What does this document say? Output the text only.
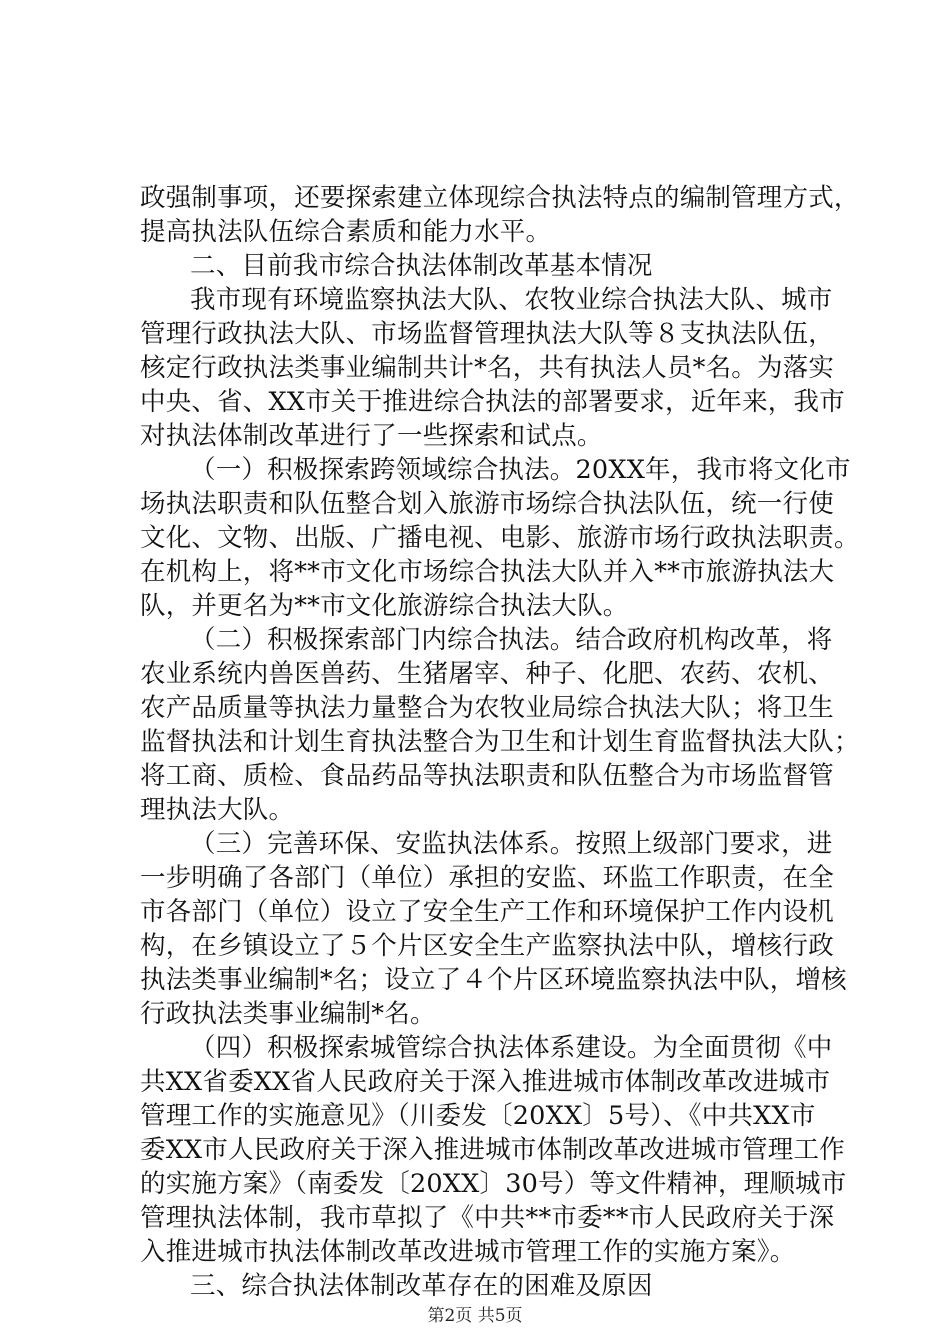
政强制事项，还要探索建立体现综合执法特点的编制管理方式，
提高执法队伍综合素质和能力水平。
二、目前我市综合执法体制改革基本情况
我市现有环境监察执法大队、农牧业综合执法大队、城市
管理行政执法大队、市场监督管理执法大队等８支执法队伍，
核定行政执法类事业编制共计*名，共有执法人员*名。为落实
中央、省、XX市关于推进综合执法的部署要求，近年来，我市
对执法体制改革进行了一些探索和试点。
（一）积极探索跨领域综合执法。20XX年，我市将文化市
场执法职责和队伍整合划入旅游市场综合执法队伍，统一行使
文化、文物、出版、广播电视、电影、旅游市场行政执法职责。
在机构上，将**市文化市场综合执法大队并入**市旅游执法大
队，并更名为**市文化旅游综合执法大队。
（二）积极探索部门内综合执法。结合政府机构改革，将
农业系统内兽医兽药、生猪屠宰、种子、化肥、农药、农机、
农产品质量等执法力量整合为农牧业局综合执法大队；将卫生
监督执法和计划生育执法整合为卫生和计划生育监督执法大队；
将工商、质检、食品药品等执法职责和队伍整合为市场监督管
理执法大队。
（三）完善环保、安监执法体系。按照上级部门要求，进
一步明确了各部门（单位）承担的安监、环监工作职责，在全
市各部门（单位）设立了安全生产工作和环境保护工作内设机
构，在乡镇设立了５个片区安全生产监察执法中队，增核行政
执法类事业编制*名；设立了４个片区环境监察执法中队，增核
行政执法类事业编制*名。
（四）积极探索城管综合执法体系建设。为全面贯彻《中
共XX省委XX省人民政府关于深入推进城市体制改革改进城市
管理工作的实施意见》（川委发〔20XX〕5号）、《中共XX市
委XX市人民政府关于深入推进城市体制改革改进城市管理工作
的实施方案》（南委发〔20XX〕30号）等文件精神，理顺城市
管理执法体制，我市草拟了《中共**市委**市人民政府关于深
入推进城市执法体制改革改进城市管理工作的实施方案》。
三、综合执法体制改革存在的困难及原因
第2页 共5页
